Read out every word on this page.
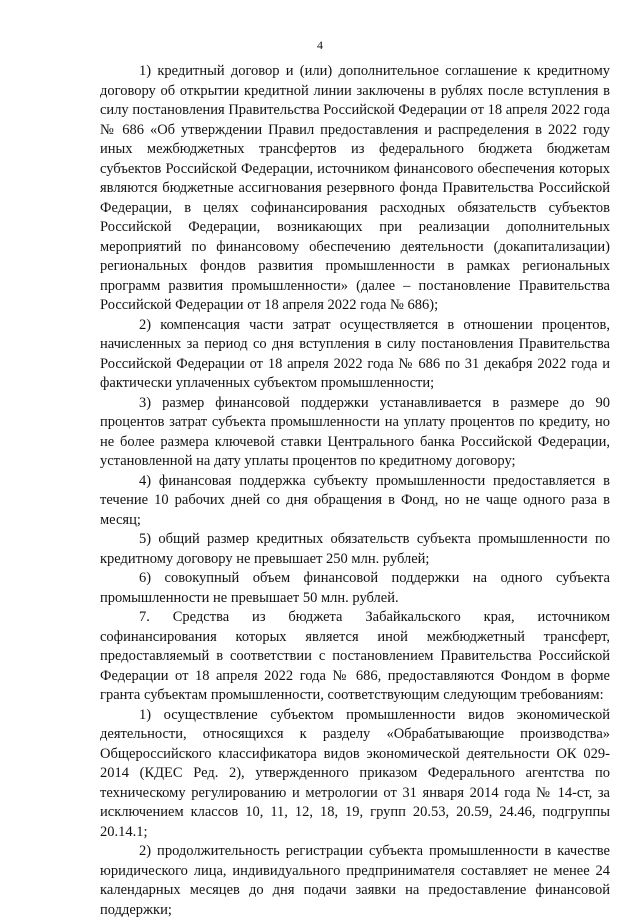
4

1) кредитный договор и (или) дополнительное соглашение к кредитному договору об открытии кредитной линии заключены в рублях после вступления в силу постановления Правительства Российской Федерации от 18 апреля 2022 года № 686 «Об утверждении Правил предоставления и распределения в 2022 году иных межбюджетных трансфертов из федерального бюджета бюджетам субъектов Российской Федерации, источником финансового обеспечения которых являются бюджетные ассигнования резервного фонда Правительства Российской Федерации, в целях софинансирования расходных обязательств субъектов Российской Федерации, возникающих при реализации дополнительных мероприятий по финансовому обеспечению деятельности (докапитализации) региональных фондов развития промышленности в рамках региональных программ развития промышленности» (далее – постановление Правительства Российской Федерации от 18 апреля 2022 года № 686);

2) компенсация части затрат осуществляется в отношении процентов, начисленных за период со дня вступления в силу постановления Правительства Российской Федерации от 18 апреля 2022 года № 686 по 31 декабря 2022 года и фактически уплаченных субъектом промышленности;

3) размер финансовой поддержки устанавливается в размере до 90 процентов затрат субъекта промышленности на уплату процентов по кредиту, но не более размера ключевой ставки Центрального банка Российской Федерации, установленной на дату уплаты процентов по кредитному договору;

4) финансовая поддержка субъекту промышленности предоставляется в течение 10 рабочих дней со дня обращения в Фонд, но не чаще одного раза в месяц;

5) общий размер кредитных обязательств субъекта промышленности по кредитному договору не превышает 250 млн. рублей;

6) совокупный объем финансовой поддержки на одного субъекта промышленности не превышает 50 млн. рублей.

7. Средства из бюджета Забайкальского края, источником софинансирования которых является иной межбюджетный трансферт, предоставляемый в соответствии с постановлением Правительства Российской Федерации от 18 апреля 2022 года № 686, предоставляются Фондом в форме гранта субъектам промышленности, соответствующим следующим требованиям:

1) осуществление субъектом промышленности видов экономической деятельности, относящихся к разделу «Обрабатывающие производства» Общероссийского классификатора видов экономической деятельности ОК 029-2014 (КДЕС Ред. 2), утвержденного приказом Федерального агентства по техническому регулированию и метрологии от 31 января 2014 года № 14-ст, за исключением классов 10, 11, 12, 18, 19, групп 20.53, 20.59, 24.46, подгруппы 20.14.1;

2) продолжительность регистрации субъекта промышленности в качестве юридического лица, индивидуального предпринимателя составляет не менее 24 календарных месяцев до дня подачи заявки на предоставление финансовой поддержки;
